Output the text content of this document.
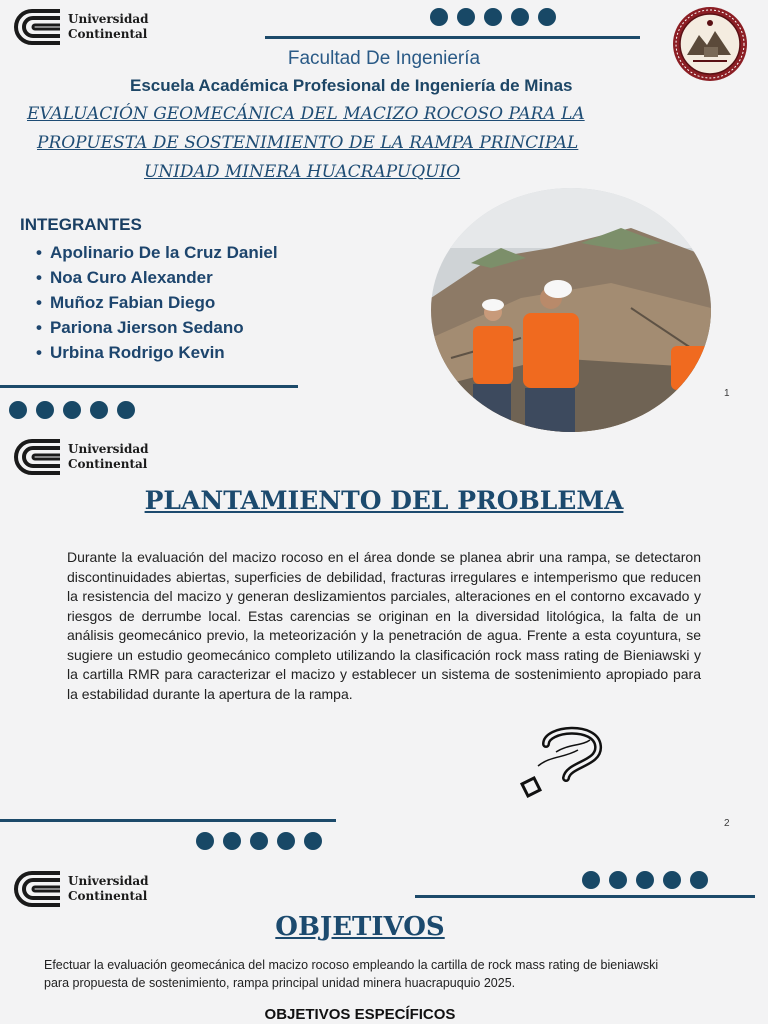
Universidad
Continental
Facultad De Ingeniería
Escuela Académica Profesional de Ingeniería de Minas
EVALUACIÓN GEOMECÁNICA DEL MACIZO ROCOSO PARA LA
PROPUESTA DE SOSTENIMIENTO DE LA RAMPA PRINCIPAL
UNIDAD MINERA HUACRAPUQUIO
INTEGRANTES
• Apolinario De la Cruz Daniel
• Noa Curo Alexander
• Muñoz Fabian Diego
• Pariona Jierson Sedano
• Urbina Rodrigo Kevin
1
Universidad
Continental
PLANTAMIENTO DEL PROBLEMA
Durante la evaluación del macizo rocoso en el área donde se planea abrir una rampa, se detectaron discontinuidades abiertas, superficies de debilidad, fracturas irregulares e intemperismo que reducen la resistencia del macizo y generan deslizamientos parciales, alteraciones en el contorno excavado y riesgos de derrumbe local. Estas carencias se originan en la diversidad litológica, la falta de un análisis geomecánico previo, la meteorización y la penetración de agua. Frente a esta coyuntura, se sugiere un estudio geomecánico completo utilizando la clasificación rock mass rating de Bieniawski y la cartilla RMR para caracterizar el macizo y establecer un sistema de sostenimiento apropiado para la estabilidad durante la apertura de la rampa.
2
Universidad
Continental
OBJETIVOS
Efectuar la evaluación geomecánica del macizo rocoso empleando la cartilla de rock mass rating de bieniawski
para propuesta de sostenimiento, rampa principal unidad minera huacrapuquio 2025.
OBJETIVOS ESPECÍFICOS
